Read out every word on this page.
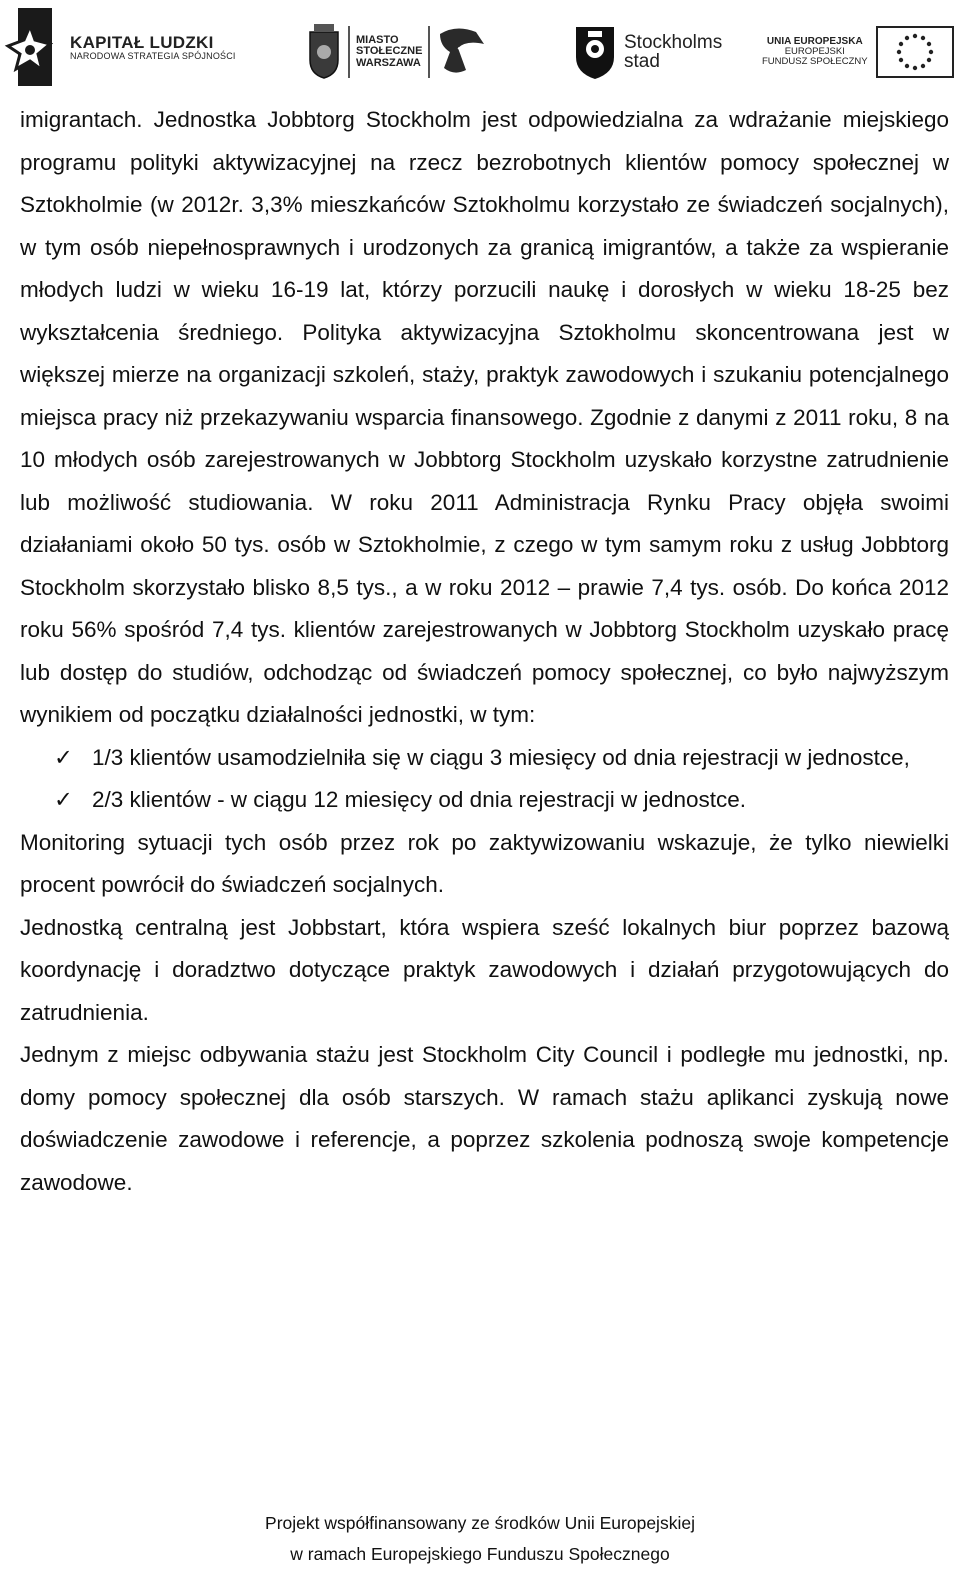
KAPITAŁ LUDZKI
NARODOWA STRATEGIA SPÓJNOŚCI
MIASTO
STOŁECZNE
WARSZAWA
Stockholms
stad
UNIA EUROPEJSKA
EUROPEJSKI
FUNDUSZ SPOŁECZNY

imigrantach. Jednostka Jobbtorg Stockholm jest odpowiedzialna za wdrażanie miejskiego programu polityki aktywizacyjnej na rzecz bezrobotnych klientów pomocy społecznej w Sztokholmie (w 2012r. 3,3% mieszkańców Sztokholmu korzystało ze świadczeń socjalnych), w tym osób niepełnosprawnych i urodzonych za granicą imigrantów, a także za wspieranie młodych ludzi w wieku 16-19 lat, którzy porzucili naukę i dorosłych w wieku 18-25 bez wykształcenia średniego. Polityka aktywizacyjna Sztokholmu skoncentrowana jest w większej mierze na organizacji szkoleń, staży, praktyk zawodowych i szukaniu potencjalnego miejsca pracy niż przekazywaniu wsparcia finansowego. Zgodnie z danymi z 2011 roku, 8 na 10 młodych osób zarejestrowanych w Jobbtorg Stockholm uzyskało korzystne zatrudnienie lub możliwość studiowania. W roku 2011 Administracja Rynku Pracy objęła swoimi działaniami około 50 tys. osób w Sztokholmie, z czego w tym samym roku z usług Jobbtorg Stockholm skorzystało blisko 8,5 tys., a w roku 2012 – prawie 7,4 tys. osób. Do końca 2012 roku 56% spośród 7,4 tys. klientów zarejestrowanych w Jobbtorg Stockholm uzyskało pracę lub dostęp do studiów, odchodząc od świadczeń pomocy społecznej, co było najwyższym wynikiem od początku działalności jednostki, w tym:

✓ 1/3 klientów usamodzielniła się w ciągu 3 miesięcy od dnia rejestracji w jednostce,

✓ 2/3 klientów - w ciągu 12 miesięcy od dnia rejestracji w jednostce.

Monitoring sytuacji tych osób przez rok po zaktywizowaniu wskazuje, że tylko niewielki procent powrócił do świadczeń socjalnych.

Jednostką centralną jest Jobbstart, która wspiera sześć lokalnych biur poprzez bazową koordynację i doradztwo dotyczące praktyk zawodowych i działań przygotowujących do zatrudnienia.

Jednym z miejsc odbywania stażu jest Stockholm City Council i podległe mu jednostki, np. domy pomocy społecznej dla osób starszych. W ramach stażu aplikanci zyskują nowe doświadczenie zawodowe i referencje, a poprzez szkolenia podnoszą swoje kompetencje zawodowe.

Projekt współfinansowany ze środków Unii Europejskiej
w ramach Europejskiego Funduszu Społecznego
